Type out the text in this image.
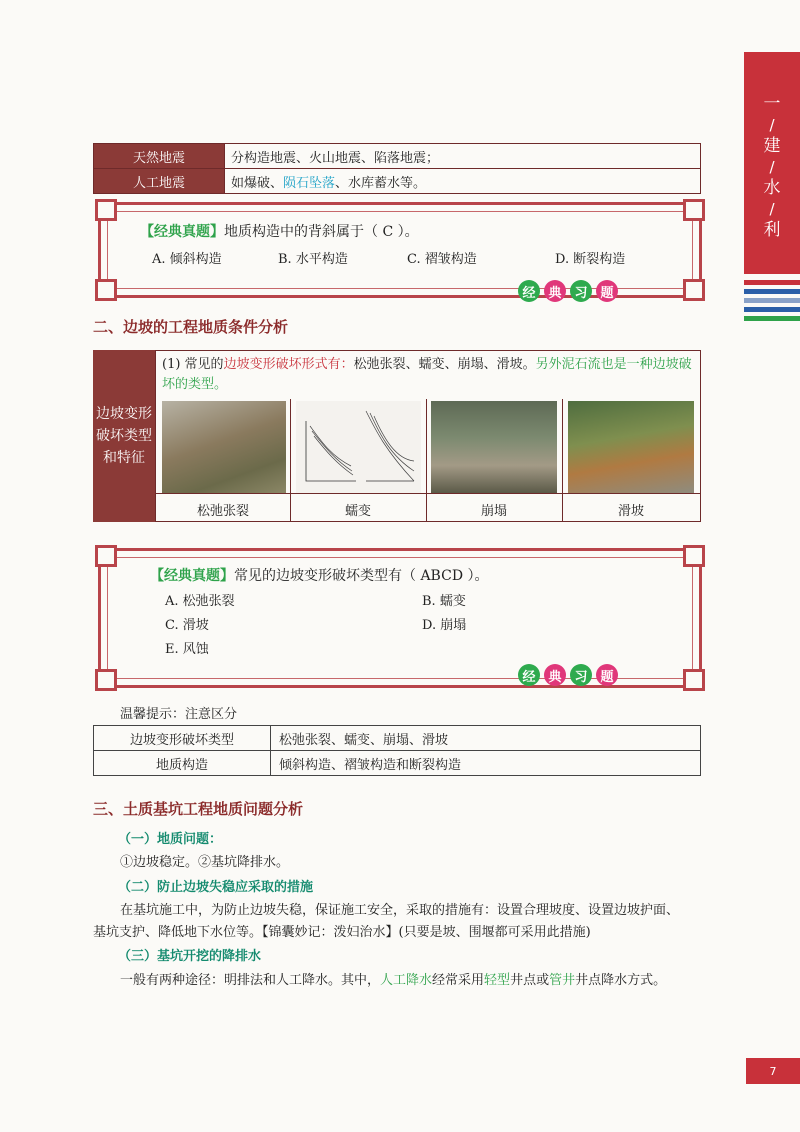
一
/
建
/
水
/
利
天然地震	分构造地震、火山地震、陷落地震；
人工地震	如爆破、陨石坠落、水库蓄水等。
【经典真题】地质构造中的背斜属于（ C ）。
A. 倾斜构造	B. 水平构造	C. 褶皱构造	D. 断裂构造
经 典 习 题
二、边坡的工程地质条件分析
边坡变形破坏类型和特征
(1) 常见的边坡变形破坏形式有：松弛张裂、蠕变、崩塌、滑坡。另外泥石流也是一种边坡破坏的类型。
松弛张裂	蠕变	崩塌	滑坡
【经典真题】常见的边坡变形破坏类型有（ ABCD ）。
A. 松弛张裂	B. 蠕变
C. 滑坡	D. 崩塌
E. 风蚀
经 典 习 题
温馨提示：注意区分
边坡变形破坏类型	松弛张裂、蠕变、崩塌、滑坡
地质构造	倾斜构造、褶皱构造和断裂构造
三、土质基坑工程地质问题分析
（一）地质问题：
①边坡稳定。②基坑降排水。
（二）防止边坡失稳应采取的措施
在基坑施工中，为防止边坡失稳，保证施工安全，采取的措施有：设置合理坡度、设置边坡护面、
基坑支护、降低地下水位等。【锦囊妙记：泼妇治水】(只要是坡、围堰都可采用此措施)
（三）基坑开挖的降排水
一般有两种途径：明排法和人工降水。其中，人工降水经常采用轻型井点或管井井点降水方式。
7
